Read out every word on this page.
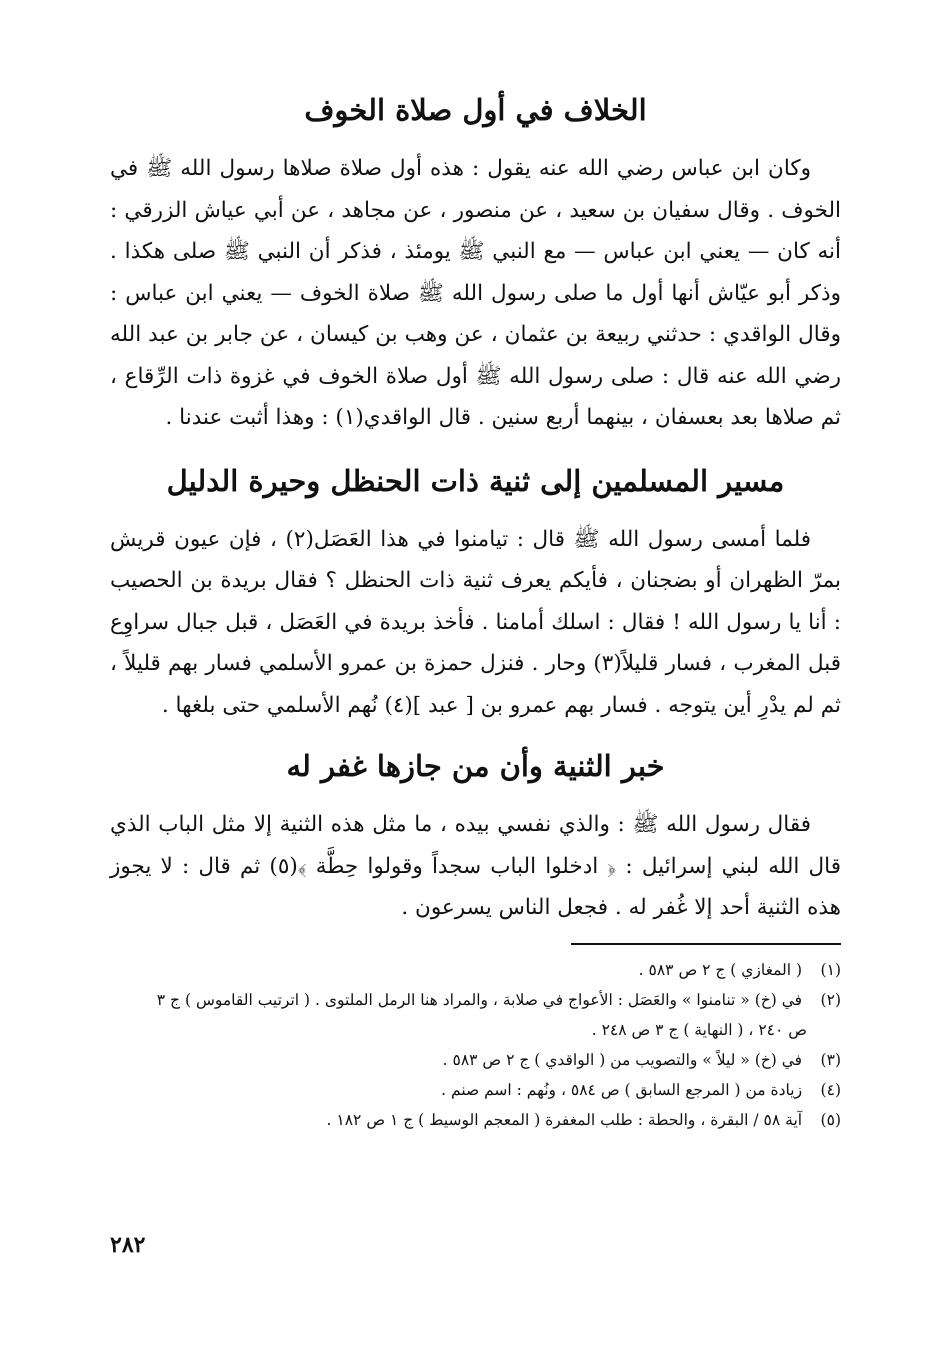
الخلاف في أول صلاة الخوف

وكان ابن عباس رضي الله عنه يقول : هذه أول صلاة صلاها رسول الله ﷺ في الخوف . وقال سفيان بن سعيد ، عن منصور ، عن مجاهد ، عن أبي عياش الزرقي : أنه كان — يعني ابن عباس — مع النبي ﷺ يومئذ ، فذكر أن النبي ﷺ صلى هكذا . وذكر أبو عيّاش أنها أول ما صلى رسول الله ﷺ صلاة الخوف — يعني ابن عباس : وقال الواقدي : حدثني ربيعة بن عثمان ، عن وهب بن كيسان ، عن جابر بن عبد الله رضي الله عنه قال : صلى رسول الله ﷺ أول صلاة الخوف في غزوة ذات الرِّقاع ، ثم صلاها بعد بعسفان ، بينهما أربع سنين . قال الواقدي(١) : وهذا أثبت عندنا .

مسير المسلمين إلى ثنية ذات الحنظل وحيرة الدليل

فلما أمسى رسول الله ﷺ قال : تيامنوا في هذا العَصَل(٢) ، فإن عيون قريش بمرّ الظهران أو بضجنان ، فأيكم يعرف ثنية ذات الحنظل ؟ فقال بريدة بن الحصيب : أنا يا رسول الله ! فقال : اسلك أمامنا . فأخذ بريدة في العَصَل ، قبل جبال سراوِع قبل المغرب ، فسار قليلاً(٣) وحار . فنزل حمزة بن عمرو الأسلمي فسار بهم قليلاً ، ثم لم يدْرِ أين يتوجه . فسار بهم عمرو بن [ عبد ](٤) نُهم الأسلمي حتى بلغها .

خبر الثنية وأن من جازها غفر له

فقال رسول الله ﷺ : والذي نفسي بيده ، ما مثل هذه الثنية إلا مثل الباب الذي قال الله لبني إسرائيل : ﴿ ادخلوا الباب سجداً وقولوا حِطَّة ﴾(٥) ثم قال : لا يجوز هذه الثنية أحد إلا غُفر له . فجعل الناس يسرعون .

(١) ( المغازي ) ج ٢ ص ٥٨٣ .

(٢) في (خ) « تنامنوا » والعَصَل : الأعواج في صلابة ، والمراد هنا الرمل الملتوى . ( اترتيب القاموس ) ج ٣

ص ٢٤٠ ، ( النهاية ) ج ٣ ص ٢٤٨ .

(٣) في (خ) « ليلاً » والتصويب من ( الواقدي ) ج ٢ ص ٥٨٣ .

(٤) زيادة من ( المرجع السابق ) ص ٥٨٤ ، ونُهم : اسم صنم .

(٥) آية ٥٨ / البقرة ، والحطة : طلب المغفرة ( المعجم الوسيط ) ج ١ ص ١٨٢ .

٢٨٢
